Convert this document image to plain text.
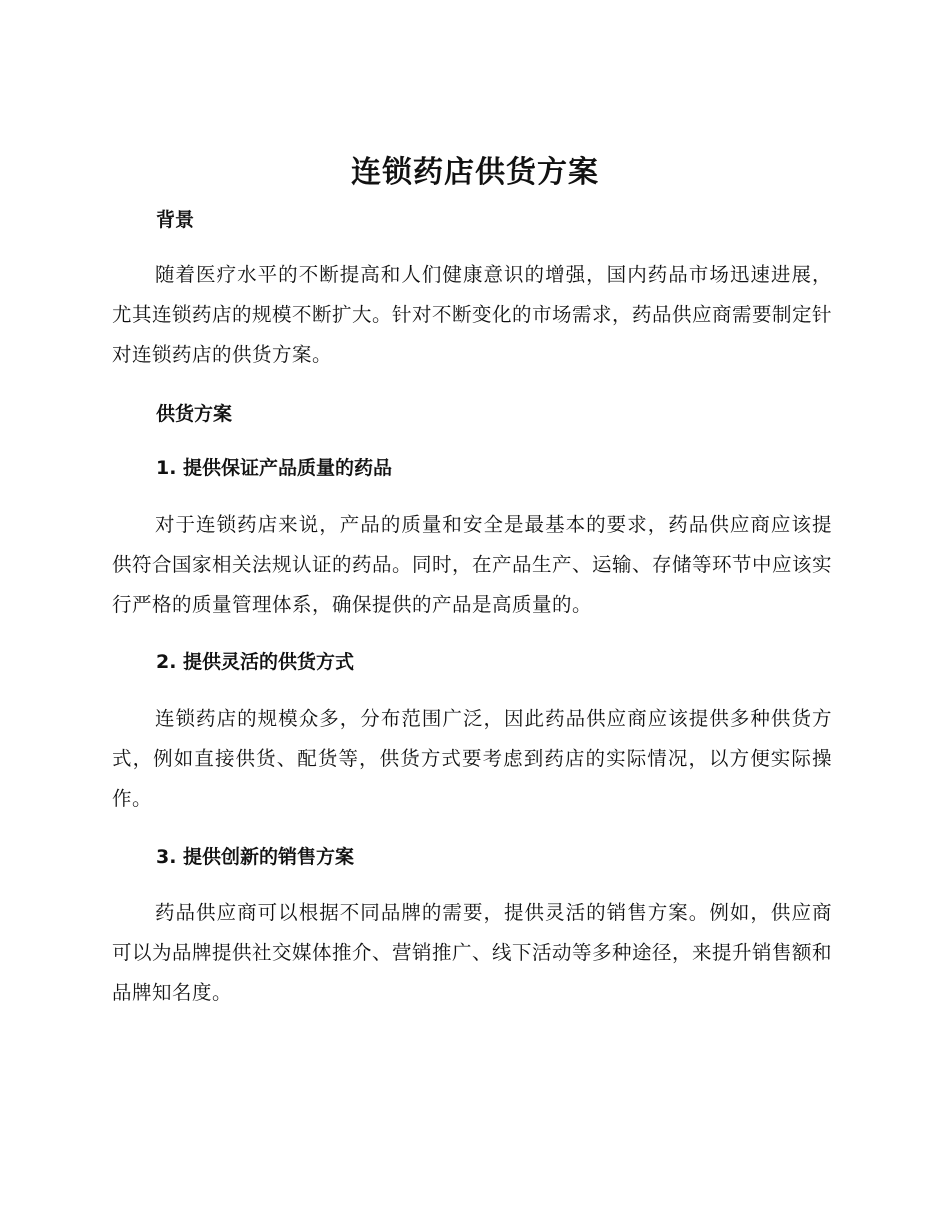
连锁药店供货方案
背景

随着医疗水平的不断提高和人们健康意识的增强，国内药品市场迅速进展，尤其连锁药店的规模不断扩大。针对不断变化的市场需求，药品供应商需要制定针对连锁药店的供货方案。

供货方案
1. 提供保证产品质量的药品

对于连锁药店来说，产品的质量和安全是最基本的要求，药品供应商应该提供符合国家相关法规认证的药品。同时，在产品生产、运输、存储等环节中应该实行严格的质量管理体系，确保提供的产品是高质量的。

2. 提供灵活的供货方式

连锁药店的规模众多，分布范围广泛，因此药品供应商应该提供多种供货方式，例如直接供货、配货等，供货方式要考虑到药店的实际情况，以方便实际操作。

3. 提供创新的销售方案

药品供应商可以根据不同品牌的需要，提供灵活的销售方案。例如，供应商可以为品牌提供社交媒体推介、营销推广、线下活动等多种途径，来提升销售额和品牌知名度。
